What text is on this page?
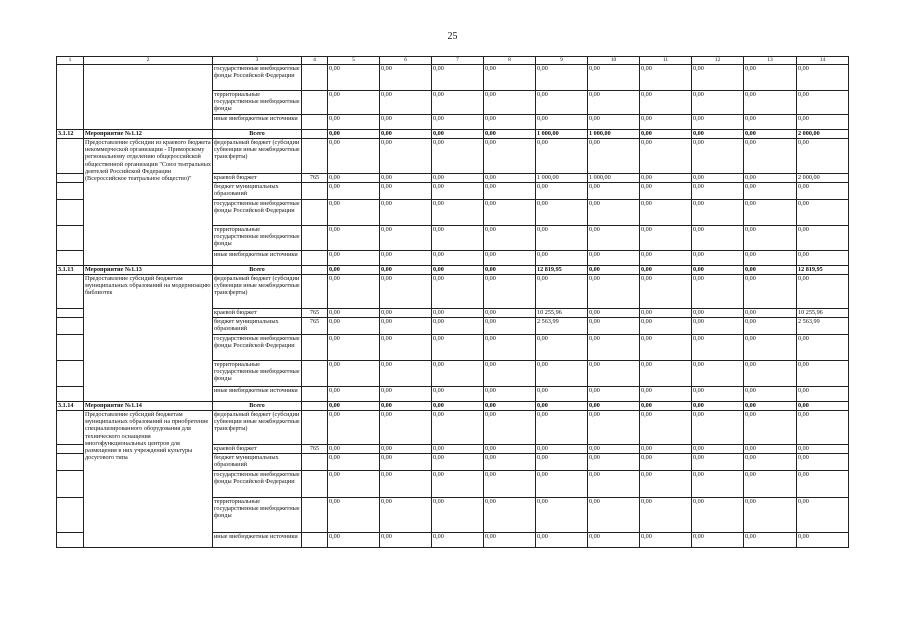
25
1	2	3	4	5	6	7	8	9	10	11	12	13	14
		государственные внебюджетные фонды Российской Федерации		0,00	0,00	0,00	0,00	0,00	0,00	0,00	0,00	0,00	0,00
		территориальные государственные внебюджетные фонды		0,00	0,00	0,00	0,00	0,00	0,00	0,00	0,00	0,00	0,00
		иные внебюджетные источники		0,00	0,00	0,00	0,00	0,00	0,00	0,00	0,00	0,00	0,00
3.1.12	Мероприятие №1.12	Всего		0,00	0,00	0,00	0,00	1 000,00	1 000,00	0,00	0,00	0,00	2 000,00
	Предоставление субсидии из краевого бюджета некоммерческой организации - Приморскому региональному отделению общероссийской общественной организации "Союз театральных деятелей Российской Федерации (Всероссийское театральное общество)"	федеральный бюджет (субсидии субвенции иные межбюджетные трансферты)		0,00	0,00	0,00	0,00	0,00	0,00	0,00	0,00	0,00	0,00
		краевой бюджет	765	0,00	0,00	0,00	0,00	1 000,00	1 000,00	0,00	0,00	0,00	2 000,00
		бюджет муниципальных образований		0,00	0,00	0,00	0,00	0,00	0,00	0,00	0,00	0,00	0,00
		государственные внебюджетные фонды Российской Федерации		0,00	0,00	0,00	0,00	0,00	0,00	0,00	0,00	0,00	0,00
		территориальные государственные внебюджетные фонды		0,00	0,00	0,00	0,00	0,00	0,00	0,00	0,00	0,00	0,00
		иные внебюджетные источники		0,00	0,00	0,00	0,00	0,00	0,00	0,00	0,00	0,00	0,00
3.1.13	Мероприятие №1.13	Всего		0,00	0,00	0,00	0,00	12 819,95	0,00	0,00	0,00	0,00	12 819,95
	Предоставление субсидий бюджетам муниципальных образований на модернизацию библиотек	федеральный бюджет (субсидии субвенции иные межбюджетные трансферты)		0,00	0,00	0,00	0,00	0,00	0,00	0,00	0,00	0,00	0,00
		краевой бюджет	765	0,00	0,00	0,00	0,00	10 255,96	0,00	0,00	0,00	0,00	10 255,96
		бюджет муниципальных образований	765	0,00	0,00	0,00	0,00	2 563,99	0,00	0,00	0,00	0,00	2 563,99
		государственные внебюджетные фонды Российской Федерации		0,00	0,00	0,00	0,00	0,00	0,00	0,00	0,00	0,00	0,00
		территориальные государственные внебюджетные фонды		0,00	0,00	0,00	0,00	0,00	0,00	0,00	0,00	0,00	0,00
		иные внебюджетные источники		0,00	0,00	0,00	0,00	0,00	0,00	0,00	0,00	0,00	0,00
3.1.14	Мероприятие №1.14	Всего		0,00	0,00	0,00	0,00	0,00	0,00	0,00	0,00	0,00	0,00
	Предоставление субсидий бюджетам муниципальных образований на приобретение специализированного оборудования для технического оснащения многофункциональных центров для размещения в них учреждений культуры досугового типа	федеральный бюджет (субсидии субвенции иные межбюджетные трансферты)		0,00	0,00	0,00	0,00	0,00	0,00	0,00	0,00	0,00	0,00
		краевой бюджет	765	0,00	0,00	0,00	0,00	0,00	0,00	0,00	0,00	0,00	0,00
		бюджет муниципальных образований		0,00	0,00	0,00	0,00	0,00	0,00	0,00	0,00	0,00	0,00
		государственные внебюджетные фонды Российской Федерации		0,00	0,00	0,00	0,00	0,00	0,00	0,00	0,00	0,00	0,00
		территориальные государственные внебюджетные фонды		0,00	0,00	0,00	0,00	0,00	0,00	0,00	0,00	0,00	0,00
		иные внебюджетные источники		0,00	0,00	0,00	0,00	0,00	0,00	0,00	0,00	0,00	0,00
